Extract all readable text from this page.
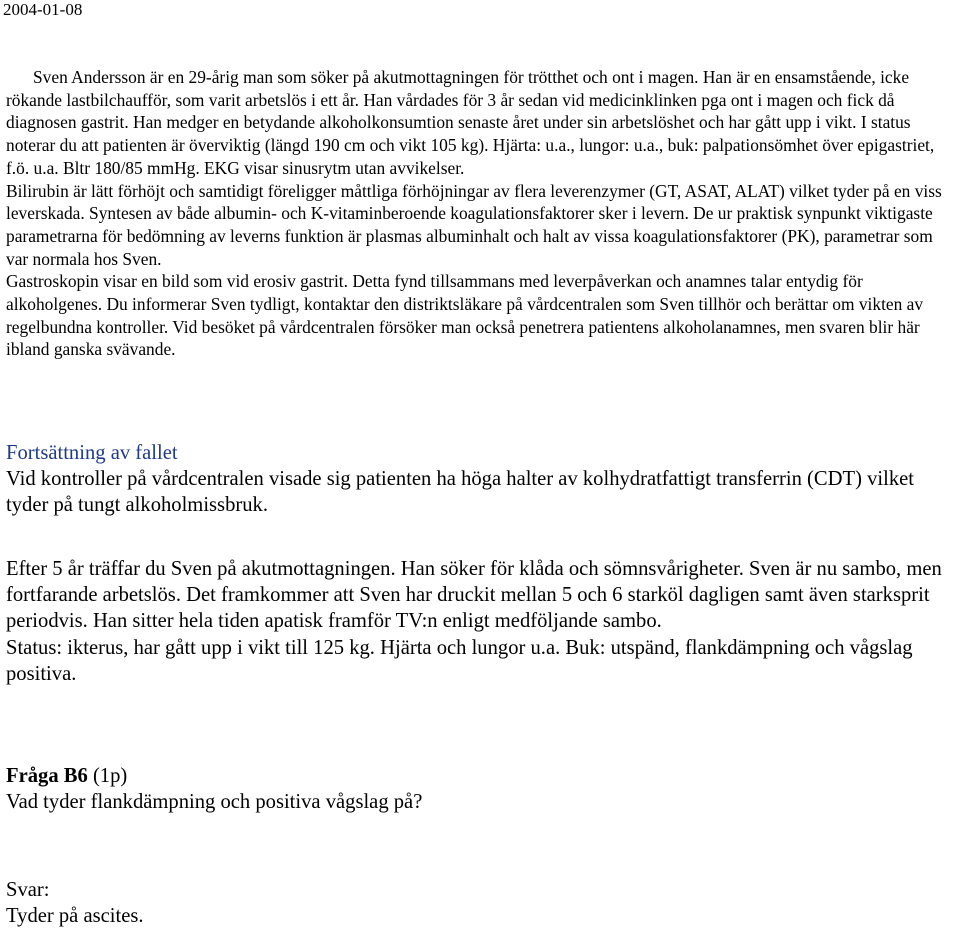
2004-01-08

Sven Andersson är en 29-årig man som söker på akutmottagningen för trötthet och ont i magen. Han är en ensamstående, icke rökande lastbilchaufför, som varit arbetslös i ett år. Han vårdades för 3 år sedan vid medicinklinken pga ont i magen och fick då diagnosen gastrit. Han medger en betydande alkoholkonsumtion senaste året under sin arbetslöshet och har gått upp i vikt. I status noterar du att patienten är överviktig (längd 190 cm och vikt 105 kg). Hjärta: u.a., lungor: u.a., buk: palpationsömhet över epigastriet, f.ö. u.a. Bltr 180/85 mmHg. EKG visar sinusrytm utan avvikelser.

Bilirubin är lätt förhöjt och samtidigt föreligger måttliga förhöjningar av flera leverenzymer (GT, ASAT, ALAT) vilket tyder på en viss leverskada. Syntesen av både albumin- och K-vitaminberoende koagulationsfaktorer sker i levern. De ur praktisk synpunkt viktigaste parametrarna för bedömning av leverns funktion är plasmas albuminhalt och halt av vissa koagulationsfaktorer (PK), parametrar som var normala hos Sven.

Gastroskopin visar en bild som vid erosiv gastrit. Detta fynd tillsammans med leverpåverkan och anamnes talar entydig för alkoholgenes. Du informerar Sven tydligt, kontaktar den distriktsläkare på vårdcentralen som Sven tillhör och berättar om vikten av regelbundna kontroller. Vid besöket på vårdcentralen försöker man också penetrera patientens alkoholanamnes, men svaren blir här ibland ganska svävande.

Fortsättning av fallet

Vid kontroller på vårdcentralen visade sig patienten ha höga halter av kolhydratfattigt transferrin (CDT) vilket tyder på tungt alkoholmissbruk.

Efter 5 år träffar du Sven på akutmottagningen. Han söker för klåda och sömnsvårigheter. Sven är nu sambo, men fortfarande arbetslös. Det framkommer att Sven har druckit mellan 5 och 6 starköl dagligen samt även starksprit periodvis. Han sitter hela tiden apatisk framför TV:n enligt medföljande sambo.

Status: ikterus, har gått upp i vikt till 125 kg. Hjärta och lungor u.a. Buk: utspänd, flankdämpning och vågslag positiva.

Fråga B6 (1p)

Vad tyder flankdämpning och positiva vågslag på?

Svar:

Tyder på ascites.
